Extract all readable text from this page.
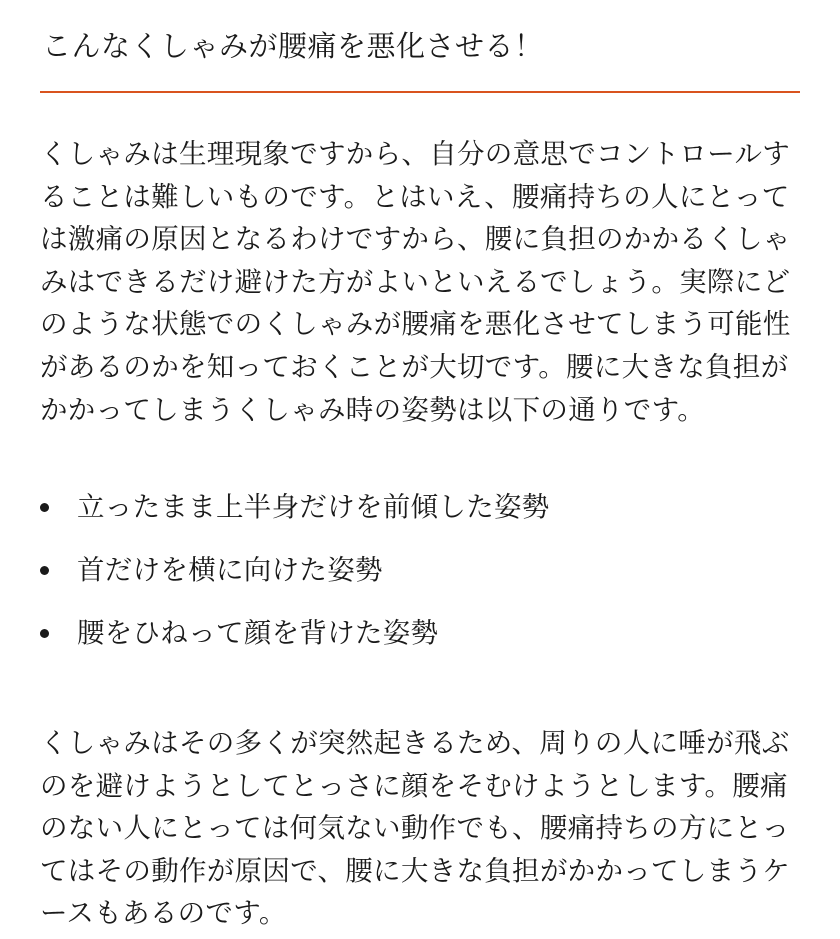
こんなくしゃみが腰痛を悪化させる！

くしゃみは生理現象ですから、自分の意思でコントロールす
ることは難しいものです。とはいえ、腰痛持ちの人にとって
は激痛の原因となるわけですから、腰に負担のかかるくしゃ
みはできるだけ避けた方がよいといえるでしょう。実際にど
のような状態でのくしゃみが腰痛を悪化させてしまう可能性
があるのかを知っておくことが大切です。腰に大きな負担が
かかってしまうくしゃみ時の姿勢は以下の通りです。

立ったまま上半身だけを前傾した姿勢
首だけを横に向けた姿勢
腰をひねって顔を背けた姿勢

くしゃみはその多くが突然起きるため、周りの人に唾が飛ぶ
のを避けようとしてとっさに顔をそむけようとします。腰痛
のない人にとっては何気ない動作でも、腰痛持ちの方にとっ
てはその動作が原因で、腰に大きな負担がかかってしまうケ
ースもあるのです。
